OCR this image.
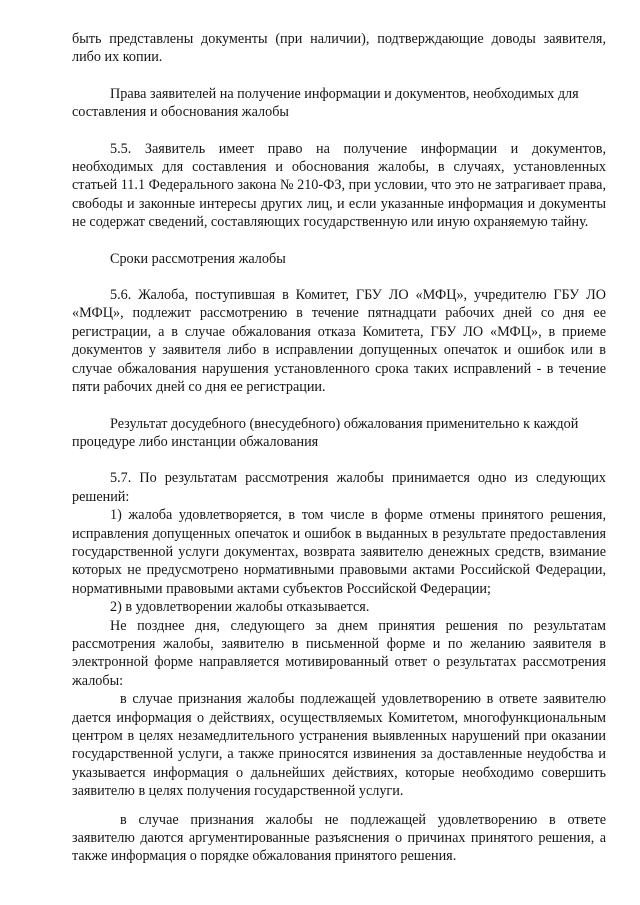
быть представлены документы (при наличии), подтверждающие доводы заявителя, либо их копии.

Права заявителей на получение информации и документов, необходимых для составления и обоснования жалобы

5.5. Заявитель имеет право на получение информации и документов, необходимых для составления и обоснования жалобы, в случаях, установленных статьей 11.1 Федерального закона № 210-ФЗ, при условии, что это не затрагивает права, свободы и законные интересы других лиц, и если указанные информация и документы не содержат сведений, составляющих государственную или иную охраняемую тайну.

Сроки рассмотрения жалобы

5.6. Жалоба, поступившая в Комитет, ГБУ ЛО «МФЦ», учредителю ГБУ ЛО «МФЦ», подлежит рассмотрению в течение пятнадцати рабочих дней со дня ее регистрации, а в случае обжалования отказа Комитета, ГБУ ЛО «МФЦ», в приеме документов у заявителя либо в исправлении допущенных опечаток и ошибок или в случае обжалования нарушения установленного срока таких исправлений - в течение пяти рабочих дней со дня ее регистрации.

Результат досудебного (внесудебного) обжалования применительно к каждой процедуре либо инстанции обжалования

5.7. По результатам рассмотрения жалобы принимается одно из следующих решений:

1) жалоба удовлетворяется, в том числе в форме отмены принятого решения, исправления допущенных опечаток и ошибок в выданных в результате предоставления государственной услуги документах, возврата заявителю денежных средств, взимание которых не предусмотрено нормативными правовыми актами Российской Федерации, нормативными правовыми актами субъектов Российской Федерации;

2) в удовлетворении жалобы отказывается.

Не позднее дня, следующего за днем принятия решения по результатам рассмотрения жалобы, заявителю в письменной форме и по желанию заявителя в электронной форме направляется мотивированный ответ о результатах рассмотрения жалобы:

в случае признания жалобы подлежащей удовлетворению в ответе заявителю дается информация о действиях, осуществляемых Комитетом, многофункциональным центром в целях незамедлительного устранения выявленных нарушений при оказании государственной услуги, а также приносятся извинения за доставленные неудобства и указывается информация о дальнейших действиях, которые необходимо совершить заявителю в целях получения государственной услуги.

в случае признания жалобы не подлежащей удовлетворению в ответе заявителю даются аргументированные разъяснения о причинах принятого решения, а также информация о порядке обжалования принятого решения.
